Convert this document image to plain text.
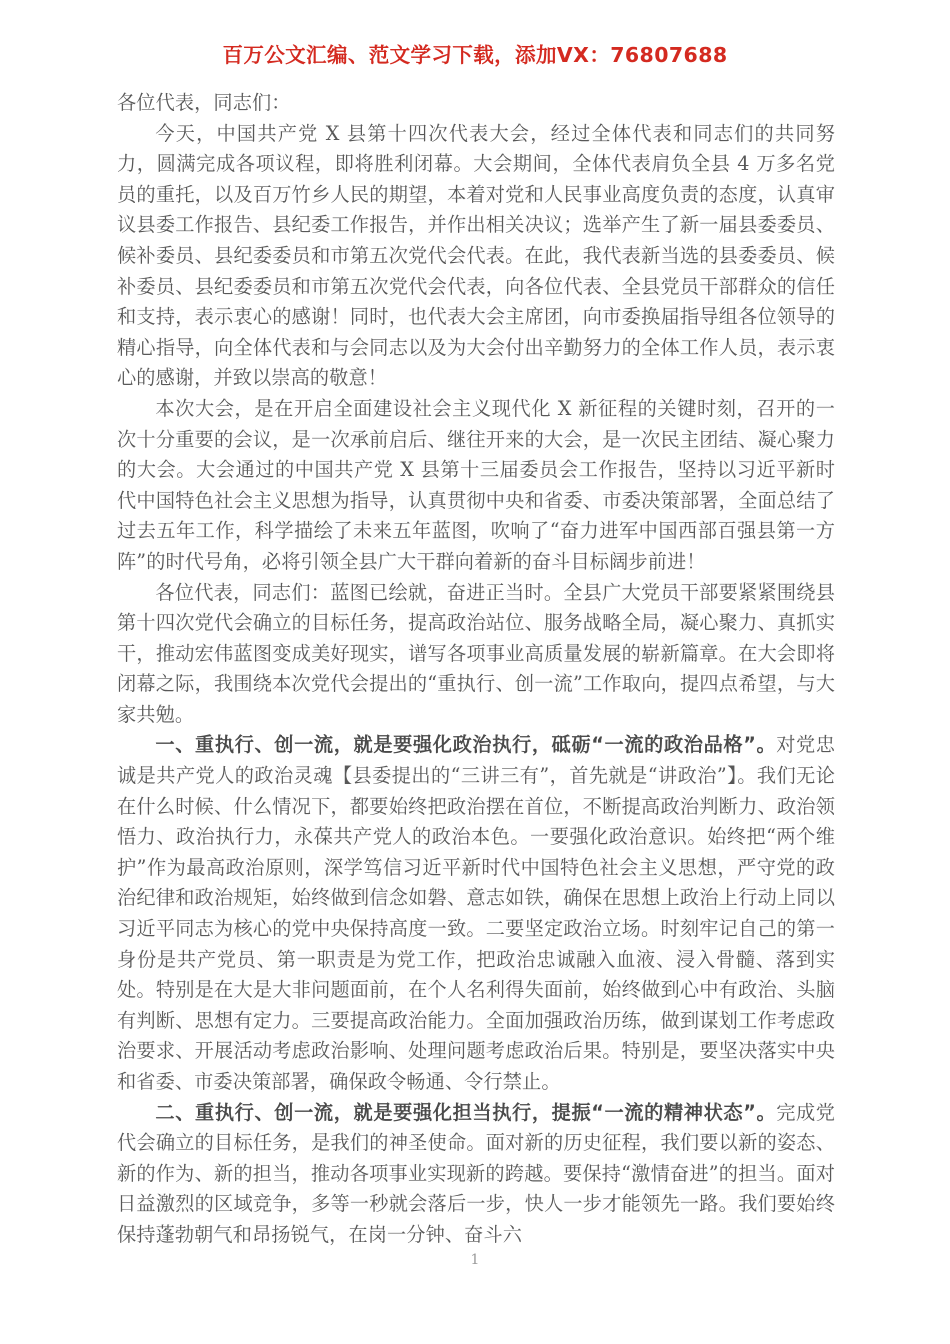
百万公文汇编、范文学习下载，添加VX：76807688

各位代表，同志们：

今天，中国共产党 X 县第十四次代表大会，经过全体代表和同志们的共同努力，圆满完成各项议程，即将胜利闭幕。大会期间，全体代表肩负全县 4 万多名党员的重托，以及百万竹乡人民的期望，本着对党和人民事业高度负责的态度，认真审议县委工作报告、县纪委工作报告，并作出相关决议；选举产生了新一届县委委员、候补委员、县纪委委员和市第五次党代会代表。在此，我代表新当选的县委委员、候补委员、县纪委委员和市第五次党代会代表，向各位代表、全县党员干部群众的信任和支持，表示衷心的感谢！同时，也代表大会主席团，向市委换届指导组各位领导的精心指导，向全体代表和与会同志以及为大会付出辛勤努力的全体工作人员，表示衷心的感谢，并致以崇高的敬意！

本次大会，是在开启全面建设社会主义现代化 X 新征程的关键时刻，召开的一次十分重要的会议，是一次承前启后、继往开来的大会，是一次民主团结、凝心聚力的大会。大会通过的中国共产党 X 县第十三届委员会工作报告，坚持以习近平新时代中国特色社会主义思想为指导，认真贯彻中央和省委、市委决策部署，全面总结了过去五年工作，科学描绘了未来五年蓝图，吹响了“奋力进军中国西部百强县第一方阵”的时代号角，必将引领全县广大干群向着新的奋斗目标阔步前进！

各位代表，同志们：蓝图已绘就，奋进正当时。全县广大党员干部要紧紧围绕县第十四次党代会确立的目标任务，提高政治站位、服务战略全局，凝心聚力、真抓实干，推动宏伟蓝图变成美好现实，谱写各项事业高质量发展的崭新篇章。在大会即将闭幕之际，我围绕本次党代会提出的“重执行、创一流”工作取向，提四点希望，与大家共勉。

一、重执行、创一流，就是要强化政治执行，砥砺“一流的政治品格”。对党忠诚是共产党人的政治灵魂【县委提出的“三讲三有”，首先就是“讲政治”】。我们无论在什么时候、什么情况下，都要始终把政治摆在首位，不断提高政治判断力、政治领悟力、政治执行力，永葆共产党人的政治本色。一要强化政治意识。始终把“两个维护”作为最高政治原则，深学笃信习近平新时代中国特色社会主义思想，严守党的政治纪律和政治规矩，始终做到信念如磐、意志如铁，确保在思想上政治上行动上同以习近平同志为核心的党中央保持高度一致。二要坚定政治立场。时刻牢记自己的第一身份是共产党员、第一职责是为党工作，把政治忠诚融入血液、浸入骨髓、落到实处。特别是在大是大非问题面前，在个人名利得失面前，始终做到心中有政治、头脑有判断、思想有定力。三要提高政治能力。全面加强政治历练，做到谋划工作考虑政治要求、开展活动考虑政治影响、处理问题考虑政治后果。特别是，要坚决落实中央和省委、市委决策部署，确保政令畅通、令行禁止。

二、重执行、创一流，就是要强化担当执行，提振“一流的精神状态”。完成党代会确立的目标任务，是我们的神圣使命。面对新的历史征程，我们要以新的姿态、新的作为、新的担当，推动各项事业实现新的跨越。要保持“激情奋进”的担当。面对日益激烈的区域竞争，多等一秒就会落后一步，快人一步才能领先一路。我们要始终保持蓬勃朝气和昂扬锐气，在岗一分钟、奋斗六

1
